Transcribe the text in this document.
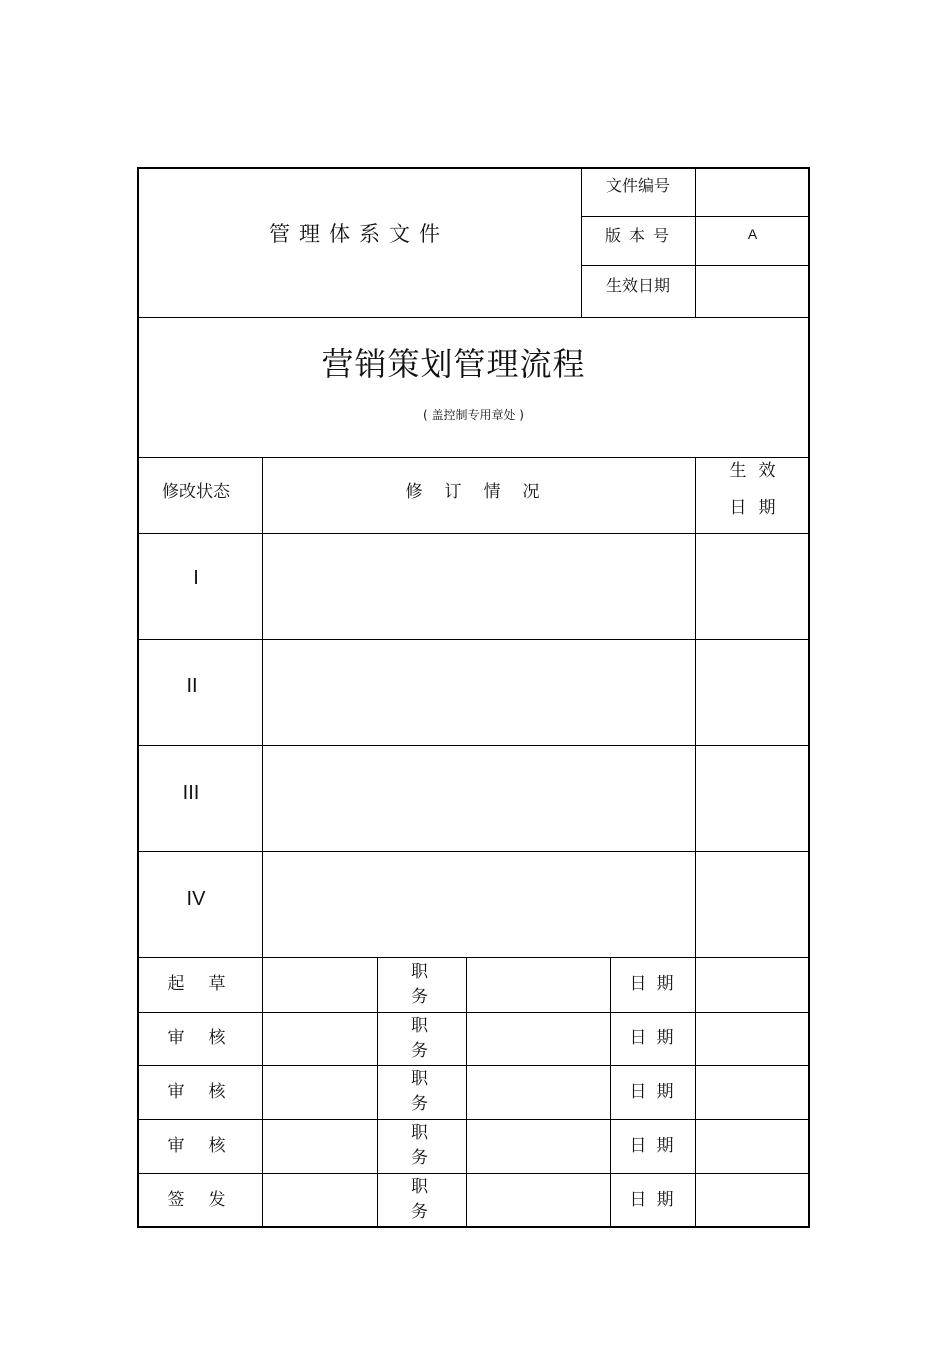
管理体系文件
文件编号
版本号	A
生效日期
营销策划管理流程
( 盖控制专用章处 )
修改状态	修订情况
生效
日期
I
II
III
IV
起草
职务
日期
审核
职务
日期
审核
职务
日期
审核
职务
日期
签发
职务
日期
